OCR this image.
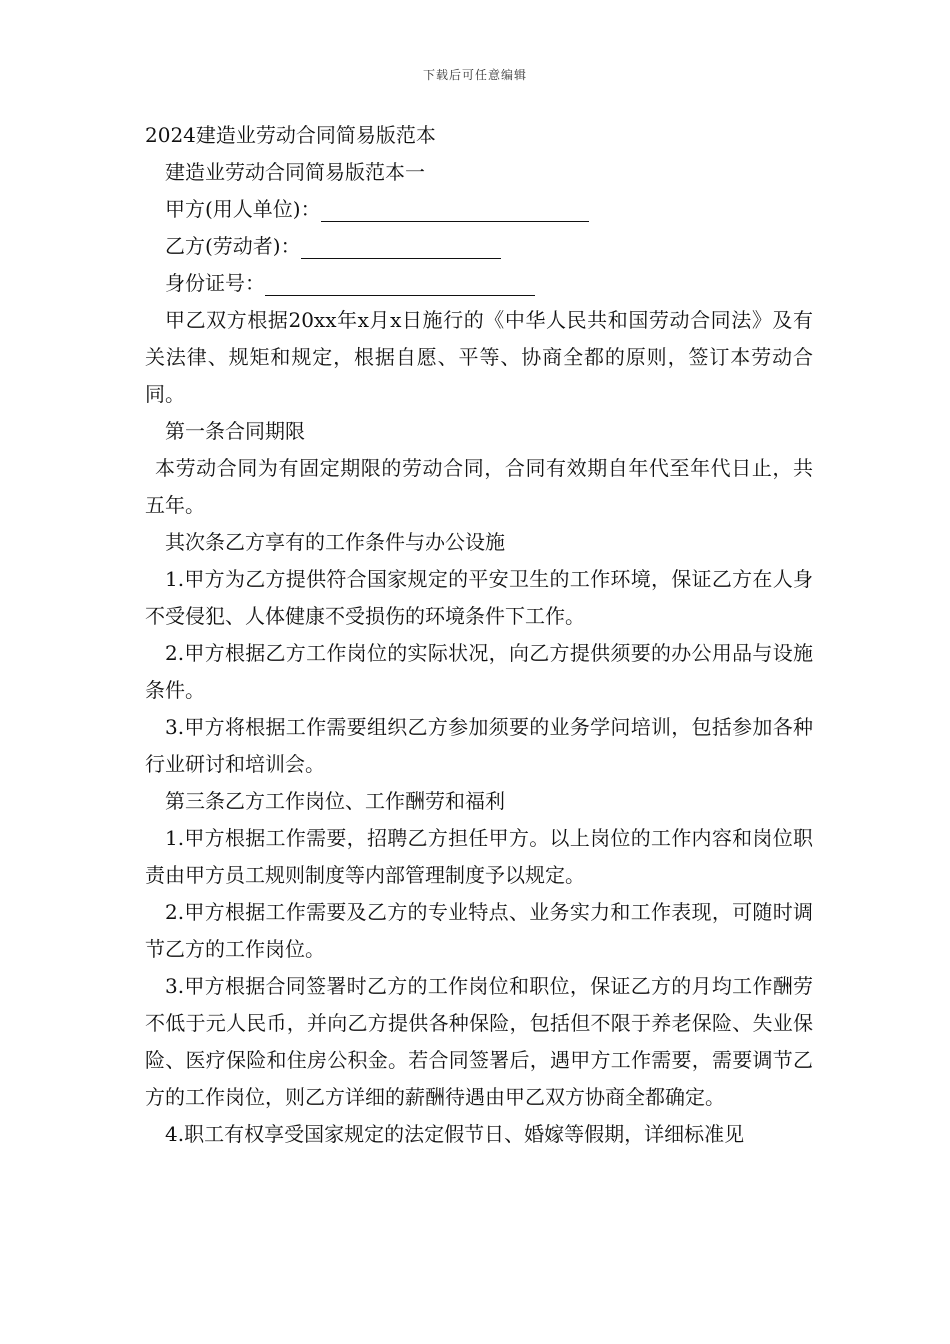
下载后可任意编辑

2024建造业劳动合同简易版范本

建造业劳动合同简易版范本一

甲方(用人单位)：

乙方(劳动者)：

身份证号：

甲乙双方根据20xx年x月x日施行的《中华人民共和国劳动合同法》及有关法律、规矩和规定，根据自愿、平等、协商全都的原则，签订本劳动合同。

第一条合同期限

本劳动合同为有固定期限的劳动合同，合同有效期自年代至年代日止，共五年。

其次条乙方享有的工作条件与办公设施

1.甲方为乙方提供符合国家规定的平安卫生的工作环境，保证乙方在人身不受侵犯、人体健康不受损伤的环境条件下工作。

2.甲方根据乙方工作岗位的实际状况，向乙方提供须要的办公用品与设施条件。

3.甲方将根据工作需要组织乙方参加须要的业务学问培训，包括参加各种行业研讨和培训会。

第三条乙方工作岗位、工作酬劳和福利

1.甲方根据工作需要，招聘乙方担任甲方。以上岗位的工作内容和岗位职责由甲方员工规则制度等内部管理制度予以规定。

2.甲方根据工作需要及乙方的专业特点、业务实力和工作表现，可随时调节乙方的工作岗位。

3.甲方根据合同签署时乙方的工作岗位和职位，保证乙方的月均工作酬劳不低于元人民币，并向乙方提供各种保险，包括但不限于养老保险、失业保险、医疗保险和住房公积金。若合同签署后，遇甲方工作需要，需要调节乙方的工作岗位，则乙方详细的薪酬待遇由甲乙双方协商全都确定。

4.职工有权享受国家规定的法定假节日、婚嫁等假期，详细标准见
